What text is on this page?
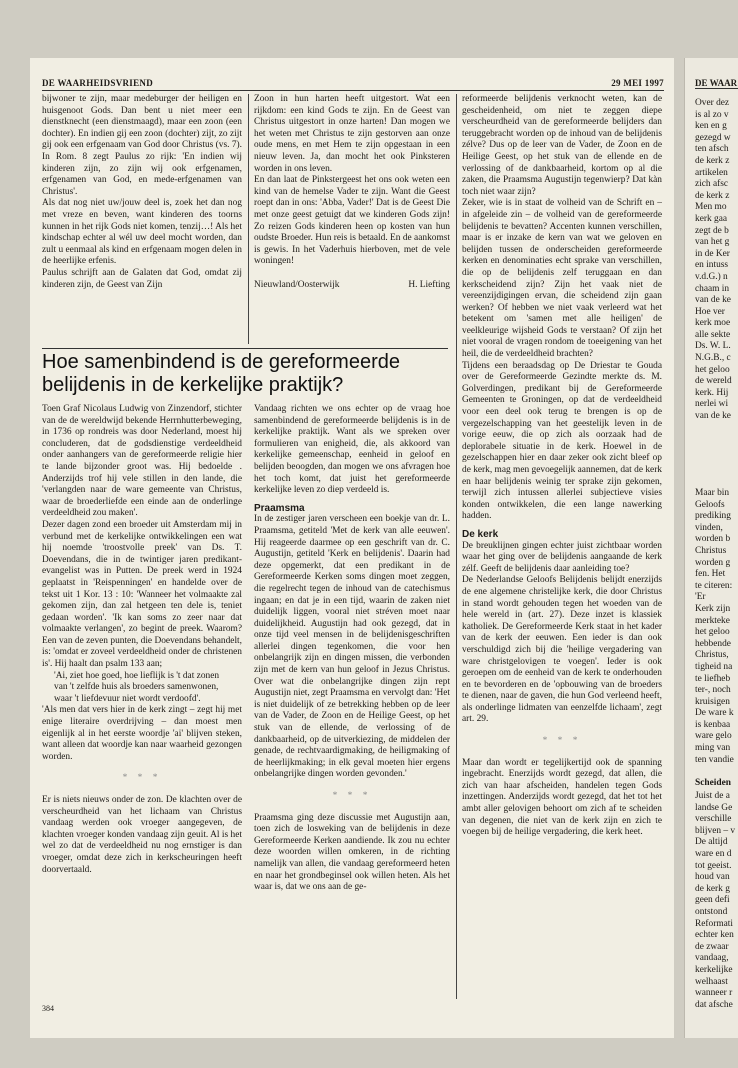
DE WAARHEIDSVRIEND	29 MEI 1997

bijwoner te zijn, maar medeburger der heiligen en huisgenoot Gods. Dan bent u niet meer een dienstknecht (een dienstmaagd), maar een zoon (een dochter). En indien gij een zoon (dochter) zijt, zo zijt gij ook een erfgenaam van God door Christus (vs. 7). In Rom. 8 zegt Paulus zo rijk: 'En indien wij kinderen zijn, zo zijn wij ook erfgenamen, erfgenamen van God, en mede-erfgenamen van Christus'.

Als dat nog niet uw/jouw deel is, zoek het dan nog met vreze en beven, want kinderen des toorns kunnen in het rijk Gods niet komen, tenzij…! Als het kindschap echter al wél uw deel mocht worden, dan zult u eenmaal als kind en erfgenaam mogen delen in de heerlijke erfenis.

Paulus schrijft aan de Galaten dat God, omdat zij kinderen zijn, de Geest van Zijn

Zoon in hun harten heeft uitgestort. Wat een rijkdom: een kind Gods te zijn. En de Geest van Christus uitgestort in onze harten! Dan mogen we het weten met Christus te zijn gestorven aan onze oude mens, en met Hem te zijn opgestaan in een nieuw leven. Ja, dan mocht het ook Pinksteren worden in ons leven.

En dan laat de Pinkstergeest het ons ook weten een kind van de hemelse Vader te zijn. Want die Geest roept dan in ons: 'Abba, Vader!' Dat is de Geest Die met onze geest getuigt dat we kinderen Gods zijn! Zo reizen Gods kinderen heen op kosten van hun oudste Broeder. Hun reis is betaald. En de aankomst is gewis. In het Vaderhuis hierboven, met de vele woningen!

Nieuwland/Oosterwijk	H. Liefting
Hoe samenbindend is de gereformeerde belijdenis in de kerkelijke praktijk?

Toen Graf Nicolaus Ludwig von Zinzendorf, stichter van de de wereldwijd bekende Herrnhutterbeweging, in 1736 op rondreis was door Nederland, moest hij concluderen, dat de godsdienstige verdeeldheid onder aanhangers van de gereformeerde religie hier te lande bijzonder groot was. Hij bedoelde . Anderzijds trof hij vele stillen in den lande, die 'verlangden naar de ware gemeente van Christus, waar de broederliefde een einde aan de onderlinge verdeeldheid zou maken'.

Dezer dagen zond een broeder uit Amsterdam mij in verbund met de kerkelijke ontwikkelingen een wat hij noemde 'troostvolle preek' van Ds. T. Doevendans, die in de twintiger jaren predikant-evangelist was in Putten. De preek werd in 1924 geplaatst in 'Reispenningen' en handelde over de tekst uit 1 Kor. 13 : 10: 'Wanneer het volmaakte zal gekomen zijn, dan zal hetgeen ten dele is, teniet gedaan worden'. 'Ik kan soms zo zeer naar dat volmaakte verlangen', zo begint de preek. Waarom? Een van de zeven punten, die Doevendans behandelt, is: 'omdat er zoveel verdeeldheid onder de christenen is'. Hij haalt dan psalm 133 aan;

'Ai, ziet hoe goed, hoe lieflijk is 't dat zonen

van 't zelfde huis als broeders samenwonen,

waar 't liefdevuur niet wordt verdoofd'.

'Als men dat vers hier in de kerk zingt – zegt hij met enige literaire overdrijving – dan moest men eigenlijk al in het eerste woordje 'ai' blijven steken, want alleen dat woordje kan naar waarheid gezongen worden.

* * *

Er is niets nieuws onder de zon. De klachten over de verscheurdheid van het lichaam van Christus vandaag werden ook vroeger aangegeven, de klachten vroeger konden vandaag zijn geuit. Al is het wel zo dat de verdeeldheid nu nog ernstiger is dan vroeger, omdat deze zich in kerkscheuringen heeft doorvertaald.

Vandaag richten we ons echter op de vraag hoe samenbindend de gereformeerde belijdenis is in de kerkelijke praktijk. Want als we spreken over formulieren van enigheid, die, als akkoord van kerkelijke gemeenschap, eenheid in geloof en belijden beoogden, dan mogen we ons afvragen hoe het toch komt, dat juist het gereformeerde kerkelijke leven zo diep verdeeld is.

Praamsma

In de zestiger jaren verscheen een boekje van dr. L. Praamsma, getiteld 'Met de kerk van alle eeuwen'. Hij reageerde daarmee op een geschrift van dr. C. Augustijn, getiteld 'Kerk en belijdenis'. Daarin had deze opgemerkt, dat een predikant in de Gereformeerde Kerken soms dingen moet zeggen, die regelrecht tegen de inhoud van de catechismus ingaan; en dat je in een tijd, waarin de zaken niet duidelijk liggen, vooral niet stréven moet naar duidelijkheid. Augustijn had ook gezegd, dat in onze tijd veel mensen in de belijdenisgeschriften allerlei dingen tegenkomen, die voor hen onbelangrijk zijn en dingen missen, die verbonden zijn met de kern van hun geloof in Jezus Christus. Over wat die onbelangrijke dingen zijn rept Augustijn niet, zegt Praamsma en vervolgt dan: 'Het is niet duidelijk of ze betrekking hebben op de leer van de Vader, de Zoon en de Heilige Geest, op het stuk van de ellende, de verlossing of de dankbaarheid, op de uitverkiezing, de middelen der genade, de rechtvaardigmaking, de heiligmaking of de heerlijkmaking; in elk geval moeten hier ergens onbelangrijke dingen worden gevonden.'

* * *

Praamsma ging deze discussie met Augustijn aan, toen zich de losweking van de belijdenis in deze Gereformeerde Kerken aandiende. Ik zou nu echter deze woorden willen omkeren, in de richting namelijk van allen, die vandaag gereformeerd heten en naar het grondbeginsel ook willen heten. Als het waar is, dat we ons aan de ge-

reformeerde belijdenis verknocht weten, kan de gescheidenheid, om niet te zeggen diepe verscheurdheid van de gereformeerde belijders dan teruggebracht worden op de inhoud van de belijdenis zélve? Dus op de leer van de Vader, de Zoon en de Heilige Geest, op het stuk van de ellende en de verlossing of de dankbaarheid, kortom op al die zaken, die Praamsma Augustijn tegenwierp? Dat kàn toch niet waar zijn?

Zeker, wie is in staat de volheid van de Schrift en – in afgeleide zin – de volheid van de gereformeerde belijdenis te bevatten? Accenten kunnen verschillen, maar is er inzake de kern van wat we geloven en belijden tussen de onderscheiden gereformeerde kerken en denominaties echt sprake van verschillen, die op de belijdenis zelf teruggaan en dan kerkscheidend zijn? Zijn het vaak niet de vereenzijdigingen ervan, die scheidend zijn gaan werken? Of hebben we niet vaak verleerd wat het betekent om 'samen met alle heiligen' de veelkleurige wijsheid Gods te verstaan? Of zijn het niet vooral de vragen rondom de toeeigening van het heil, die de verdeeldheid brachten?

Tijdens een beraadsdag op De Driestar te Gouda over de Gereformeerde Gezindte merkte ds. M. Golverdingen, predikant bij de Gereformeerde Gemeenten te Groningen, op dat de verdeeldheid voor een deel ook terug te brengen is op de vergezelschapping van het geestelijk leven in de vorige eeuw, die op zich als oorzaak had de deplorabele situatie in de kerk. Hoewel in de gezelschappen hier en daar zeker ook zicht bleef op de kerk, mag men gevoegelijk aannemen, dat de kerk en haar belijdenis weinig ter sprake zijn gekomen, terwijl zich intussen allerlei subjectieve visies konden ontwikkelen, die een lange nawerking hadden.

De kerk

De breuklijnen gingen echter juist zichtbaar worden waar het ging over de belijdenis aangaande de kerk zélf. Geeft de belijdenis daar aanleiding toe?

De Nederlandse Geloofs Belijdenis belijdt enerzijds de ene algemene christelijke kerk, die door Christus in stand wordt gehouden tegen het woeden van de hele wereld in (art. 27). Deze inzet is klassiek katholiek. De Gereformeerde Kerk staat in het kader van de kerk der eeuwen. Een ieder is dan ook verschuldigd zich bij die 'heilige vergadering van ware christgelovigen te voegen'. Ieder is ook geroepen om de eenheid van de kerk te onderhouden en te bevorderen en de 'opbouwing van de broeders te dienen, naar de gaven, die hun God verleend heeft, als onderlinge lidmaten van eenzelfde lichaam', zegt art. 29.

* * *

Maar dan wordt er tegelijkertijd ook de spanning ingebracht. Enerzijds wordt gezegd, dat allen, die zich van haar afscheiden, handelen tegen Gods inzettingen. Anderzijds wordt gezegd, dat het tot het ambt aller gelovigen behoort om zich af te scheiden van degenen, die niet van de kerk zijn en zich te voegen bij de heilige vergadering, die kerk heet.

384
DE WAAR

Over dez

is al zo v

ken en g

gezegd w

ten afsch

de kerk z

artikelen

zich afsc

de kerk z

Men mo

kerk gaa

zegt de b

van het g

in de Ker

en intuss

v.d.G.) n

chaam in

van de ke

Hoe ver

kerk moe

alle sekte

Ds. W. L.

N.G.B., c

het geloo

de wereld

kerk. Hij

nerlei wi

van de ke

Maar bin

Geloofs

prediking

vinden,

worden b

Christus

worden g

fen. Het

te citeren:

'Er

Kerk zijn

merkteke

het geloo

hebbende

Christus,

tigheid na

te liefheb

ter-, noch

kruisigen

De ware k

is kenbaa

ware gelo

ming van

ten vandie

Scheiden

Juist de a

landse Ge

verschille

blijven – v

De altijd

ware en d

tot geeist.

houd van

de kerk g

geen defi

ontstond

Reformati

echter ken

de zwaar

vandaag,

kerkelijke

welhaast

wanneer r

dat afsche
